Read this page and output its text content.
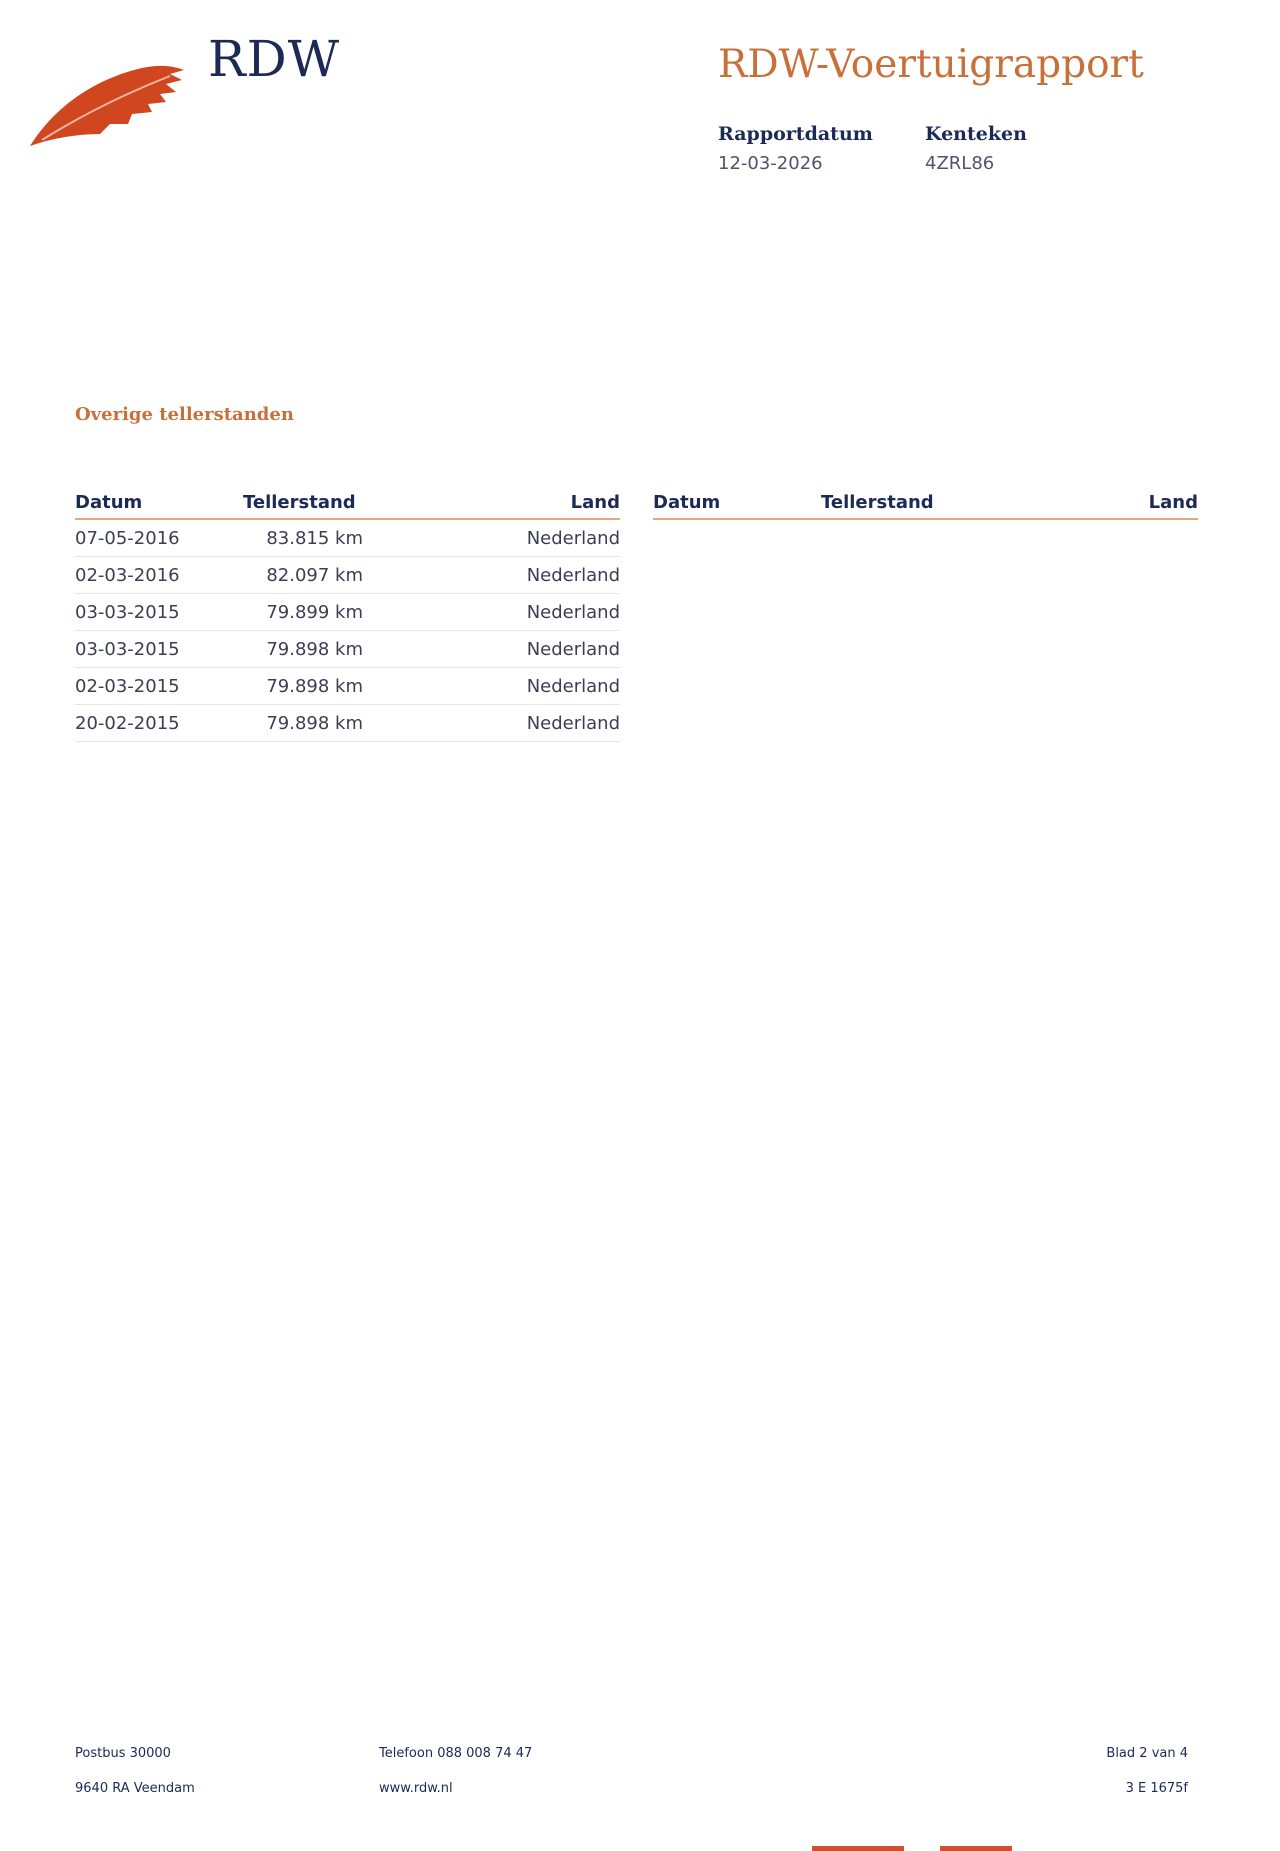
RDW	RDW-Voertuigrapport
Rapportdatum
12-03-2026
Kenteken
4ZRL86
Overige tellerstanden
Datum	Tellerstand	Land
07-05-2016	83.815 km	Nederland
02-03-2016	82.097 km	Nederland
03-03-2015	79.899 km	Nederland
03-03-2015	79.898 km	Nederland
02-03-2015	79.898 km	Nederland
20-02-2015	79.898 km	Nederland
Datum	Tellerstand	Land
Postbus 30000
9640 RA Veendam
Telefoon 088 008 74 47
www.rdw.nl
Blad 2 van 4
3 E 1675f
